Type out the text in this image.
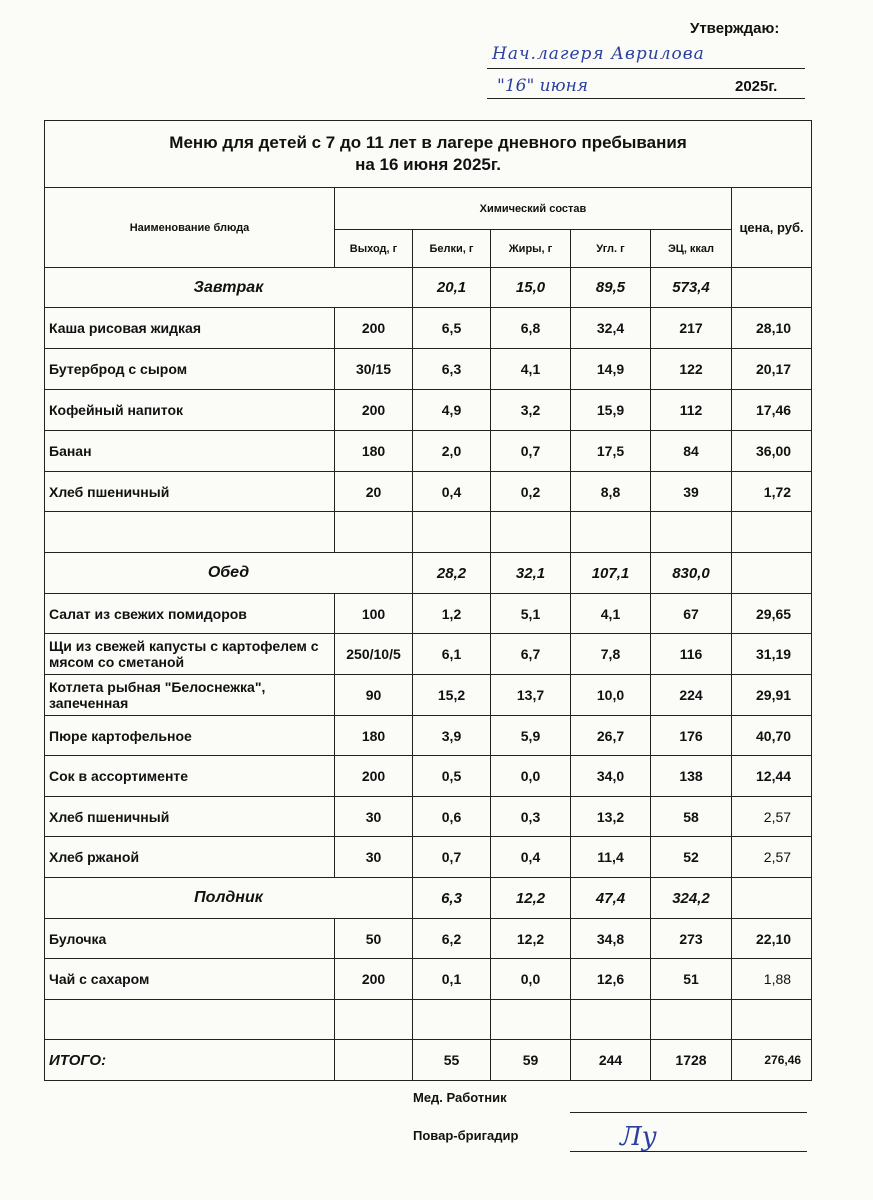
Утверждаю:
Нач.лагеря Аврилова
"16" июня	2025г.
Меню для детей с 7 до 11 лет в лагере дневного пребывания
на 16 июня 2025г.						

Наименование блюда	Химический состав					цена, руб.
	Выход, г	Белки, г	Жиры, г	Угл. г	ЭЦ, ккал	
Завтрак		20,1	15,0	89,5	573,4	
Каша рисовая жидкая	200	6,5	6,8	32,4	217	28,10
Бутерброд с сыром	30/15	6,3	4,1	14,9	122	20,17
Кофейный напиток	200	4,9	3,2	15,9	112	17,46
Банан	180	2,0	0,7	17,5	84	36,00
Хлеб пшеничный	20	0,4	0,2	8,8	39	1,72

Обед		28,2	32,1	107,1	830,0	
Салат из свежих помидоров	100	1,2	5,1	4,1	67	29,65
Щи из свежей капусты с картофелем с мясом со сметаной	250/10/5	6,1	6,7	7,8	116	31,19
Котлета рыбная "Белоснежка", запеченная	90	15,2	13,7	10,0	224	29,91
Пюре картофельное	180	3,9	5,9	26,7	176	40,70
Сок в ассортименте	200	0,5	0,0	34,0	138	12,44
Хлеб пшеничный	30	0,6	0,3	13,2	58	2,57
Хлеб ржаной	30	0,7	0,4	11,4	52	2,57
Полдник		6,3	12,2	47,4	324,2	
Булочка	50	6,2	12,2	34,8	273	22,10
Чай с сахаром	200	0,1	0,0	12,6	51	1,88

ИТОГО:		55	59	244	1728	276,46
Мед. Работник
Повар-бригадир	Лу
